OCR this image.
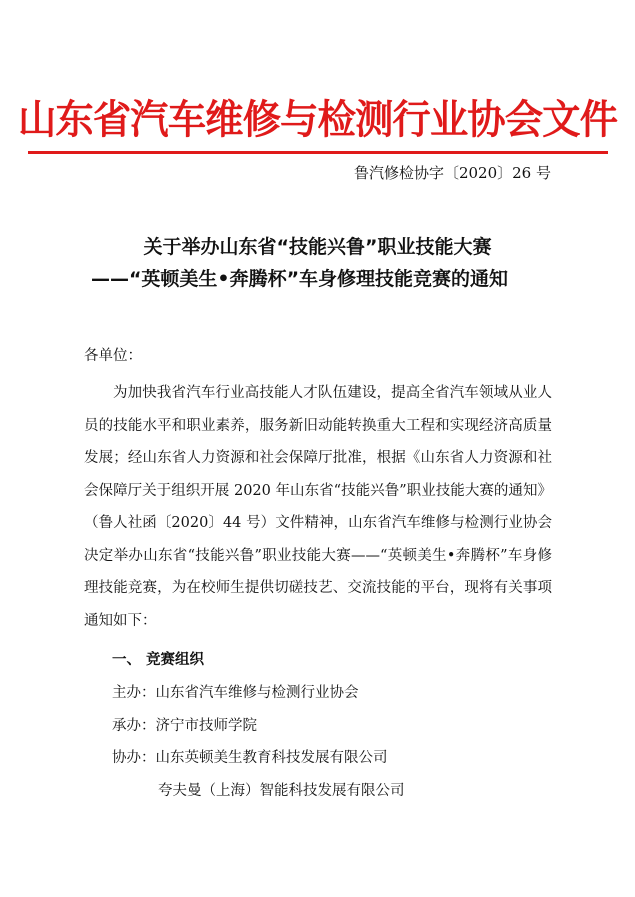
山东省汽车维修与检测行业协会文件
鲁汽修检协字〔2020〕26 号
关于举办山东省“技能兴鲁”职业技能大赛
——“英顿美生•奔腾杯”车身修理技能竞赛的通知
各单位：
为加快我省汽车行业高技能人才队伍建设，提高全省汽车领域从业人员的技能水平和职业素养，服务新旧动能转换重大工程和实现经济高质量发展；经山东省人力资源和社会保障厅批准，根据《山东省人力资源和社会保障厅关于组织开展 2020 年山东省“技能兴鲁”职业技能大赛的通知》（鲁人社函〔2020〕44 号）文件精神，山东省汽车维修与检测行业协会决定举办山东省“技能兴鲁”职业技能大赛——“英顿美生•奔腾杯”车身修理技能竞赛，为在校师生提供切磋技艺、交流技能的平台，现将有关事项通知如下：
一、 竞赛组织
主办：山东省汽车维修与检测行业协会
承办：济宁市技师学院
协办：山东英顿美生教育科技发展有限公司
夸夫曼（上海）智能科技发展有限公司
